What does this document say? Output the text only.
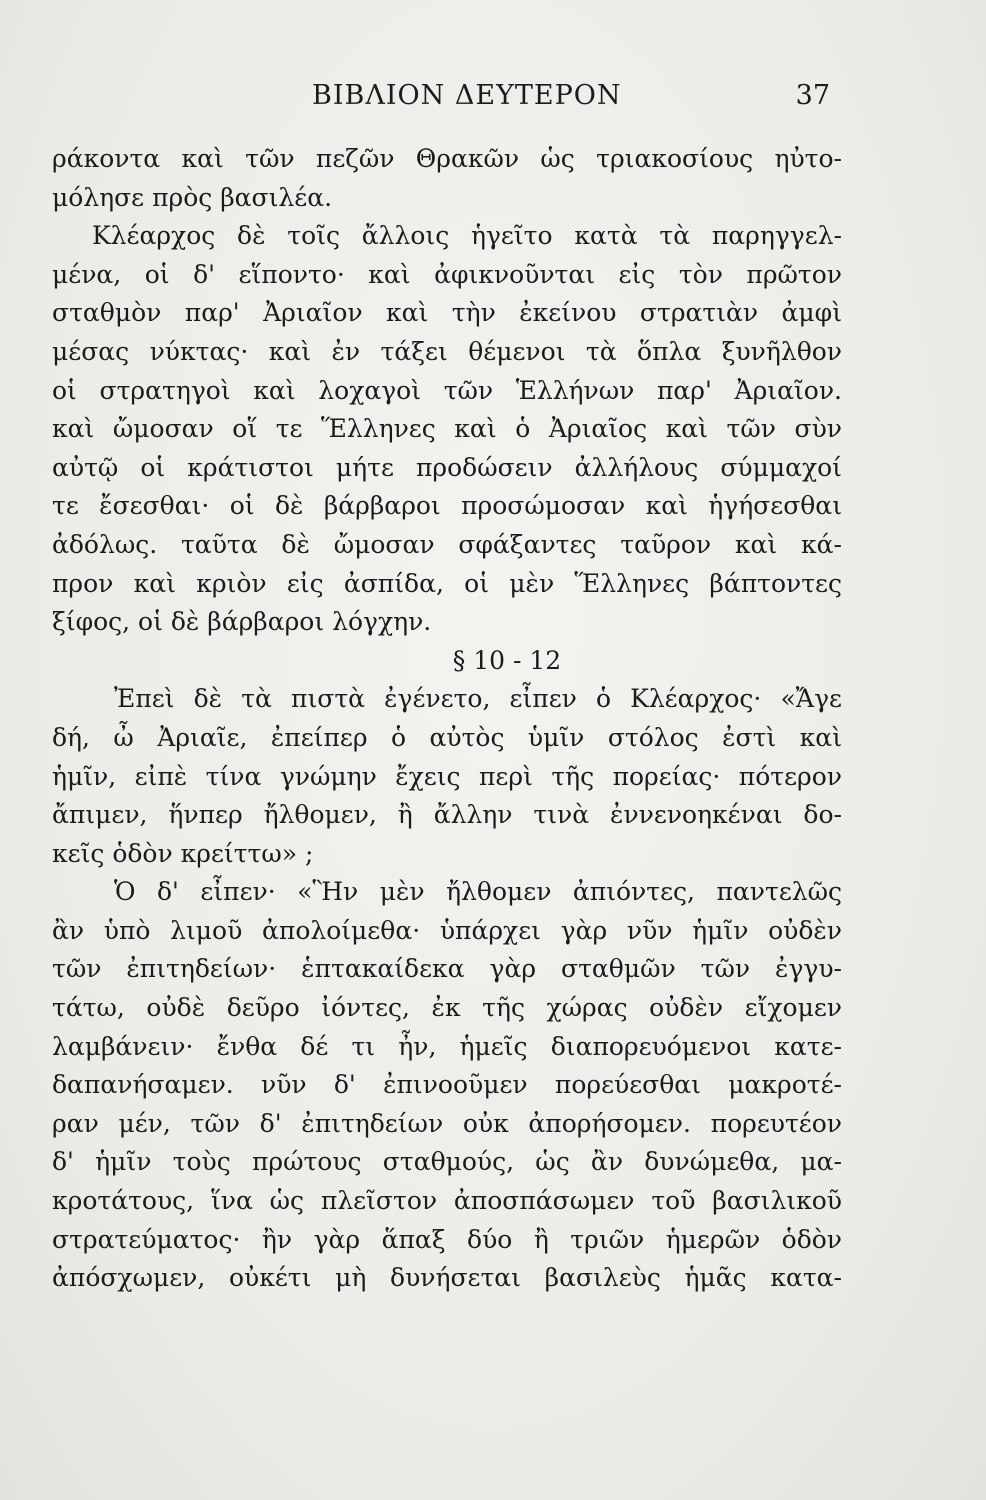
ΒΙΒΛΙΟΝ ΔΕΥΤΕΡΟΝ	37
ράκοντα καὶ τῶν πεζῶν Θρακῶν ὡς τριακοσίους ηὐτο-
μόλησε πρὸς βασιλέα.
Κλέαρχος δὲ τοῖς ἄλλοις ἡγεῖτο κατὰ τὰ παρηγγελ-
μένα, οἱ δ' εἵποντο· καὶ ἀφικνοῦνται εἰς τὸν πρῶτον
σταθμὸν παρ' Ἀριαῖον καὶ τὴν ἐκείνου στρατιὰν ἀμφὶ
μέσας νύκτας· καὶ ἐν τάξει θέμενοι τὰ ὅπλα ξυνῆλθον
οἱ στρατηγοὶ καὶ λοχαγοὶ τῶν Ἑλλήνων παρ' Ἀριαῖον.
καὶ ὤμοσαν οἵ τε Ἕλληνες καὶ ὁ Ἀριαῖος καὶ τῶν σὺν
αὐτῷ οἱ κράτιστοι μήτε προδώσειν ἀλλήλους σύμμαχοί
τε ἔσεσθαι· οἱ δὲ βάρβαροι προσώμοσαν καὶ ἡγήσεσθαι
ἀδόλως. ταῦτα δὲ ὤμοσαν σφάξαντες ταῦρον καὶ κά-
προν καὶ κριὸν εἰς ἀσπίδα, οἱ μὲν Ἕλληνες βάπτοντες
ξίφος, οἱ δὲ βάρβαροι λόγχην.
§ 10 - 12
Ἐπεὶ δὲ τὰ πιστὰ ἐγένετο, εἶπεν ὁ Κλέαρχος· «Ἄγε
δή, ὦ Ἀριαῖε, ἐπείπερ ὁ αὐτὸς ὑμῖν στόλος ἐστὶ καὶ
ἡμῖν, εἰπὲ τίνα γνώμην ἔχεις περὶ τῆς πορείας· πότερον
ἄπιμεν, ἥνπερ ἤλθομεν, ἢ ἄλλην τινὰ ἐννενοηκέναι δο-
κεῖς ὁδὸν κρείττω» ;
Ὁ δ' εἶπεν· «Ἣν μὲν ἤλθομεν ἀπιόντες, παντελῶς
ἂν ὑπὸ λιμοῦ ἀπολοίμεθα· ὑπάρχει γὰρ νῦν ἡμῖν οὐδὲν
τῶν ἐπιτηδείων· ἑπτακαίδεκα γὰρ σταθμῶν τῶν ἐγγυ-
τάτω, οὐδὲ δεῦρο ἰόντες, ἐκ τῆς χώρας οὐδὲν εἴχομεν
λαμβάνειν· ἔνθα δέ τι ἦν, ἡμεῖς διαπορευόμενοι κατε-
δαπανήσαμεν. νῦν δ' ἐπινοοῦμεν πορεύεσθαι μακροτέ-
ραν μέν, τῶν δ' ἐπιτηδείων οὐκ ἀπορήσομεν. πορευτέον
δ' ἡμῖν τοὺς πρώτους σταθμούς, ὡς ἂν δυνώμεθα, μα-
κροτάτους, ἵνα ὡς πλεῖστον ἀποσπάσωμεν τοῦ βασιλικοῦ
στρατεύματος· ἢν γὰρ ἅπαξ δύο ἢ τριῶν ἡμερῶν ὁδὸν
ἀπόσχωμεν, οὐκέτι μὴ δυνήσεται βασιλεὺς ἡμᾶς κατα-
